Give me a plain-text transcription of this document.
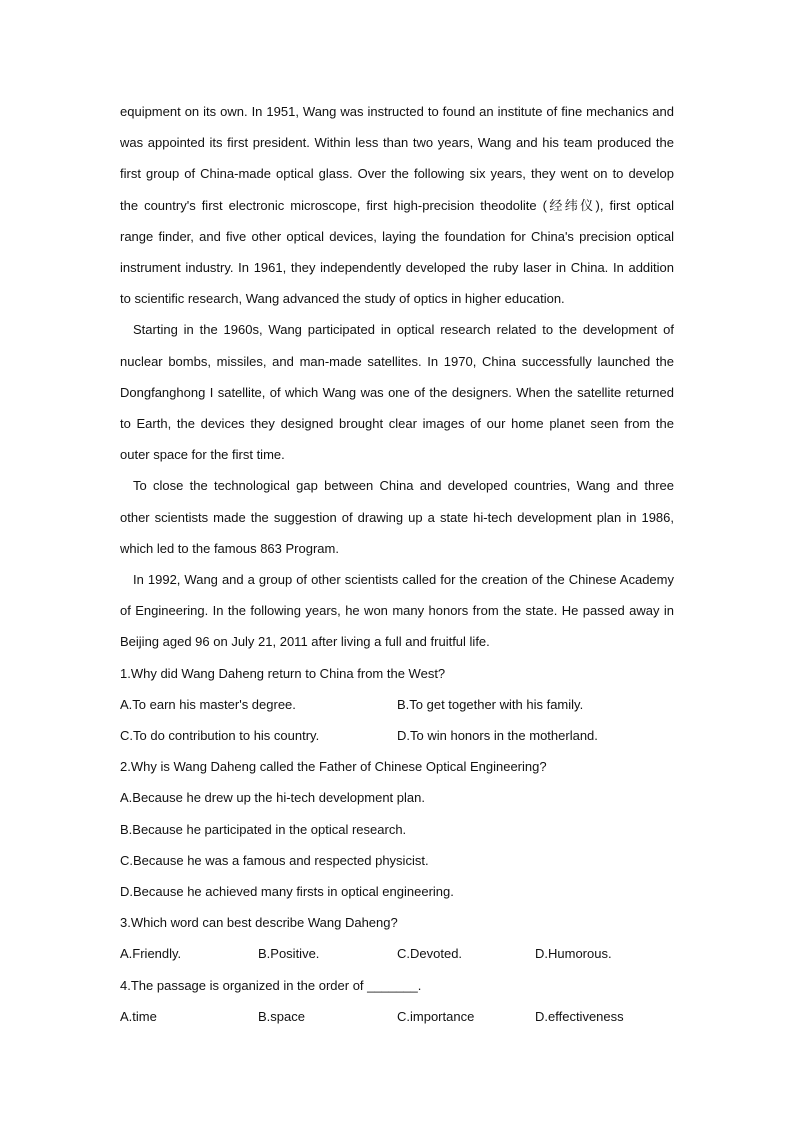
equipment on its own. In 1951, Wang was instructed to found an institute of fine mechanics and was appointed its first president. Within less than two years, Wang and his team produced the first group of China-made optical glass. Over the following six years, they went on to develop the country's first electronic microscope, first high-precision theodolite (经纬仪), first optical range finder, and five other optical devices, laying the foundation for China's precision optical instrument industry. In 1961, they independently developed the ruby laser in China. In addition to scientific research, Wang advanced the study of optics in higher education.

Starting in the 1960s, Wang participated in optical research related to the development of nuclear bombs, missiles, and man-made satellites. In 1970, China successfully launched the Dongfanghong I satellite, of which Wang was one of the designers. When the satellite returned to Earth, the devices they designed brought clear images of our home planet seen from the outer space for the first time.

To close the technological gap between China and developed countries, Wang and three other scientists made the suggestion of drawing up a state hi-tech development plan in 1986, which led to the famous 863 Program.

In 1992, Wang and a group of other scientists called for the creation of the Chinese Academy of Engineering. In the following years, he won many honors from the state. He passed away in Beijing aged 96 on July 21, 2011 after living a full and fruitful life.

1.Why did Wang Daheng return to China from the West?

A.To earn his master's degree.	B.To get together with his family.
C.To do contribution to his country.	D.To win honors in the motherland.

2.Why is Wang Daheng called the Father of Chinese Optical Engineering?

A.Because he drew up the hi-tech development plan.

B.Because he participated in the optical research.

C.Because he was a famous and respected physicist.

D.Because he achieved many firsts in optical engineering.

3.Which word can best describe Wang Daheng?

A.Friendly.	B.Positive.	C.Devoted.	D.Humorous.

4.The passage is organized in the order of _______.

A.time	B.space	C.importance	D.effectiveness
